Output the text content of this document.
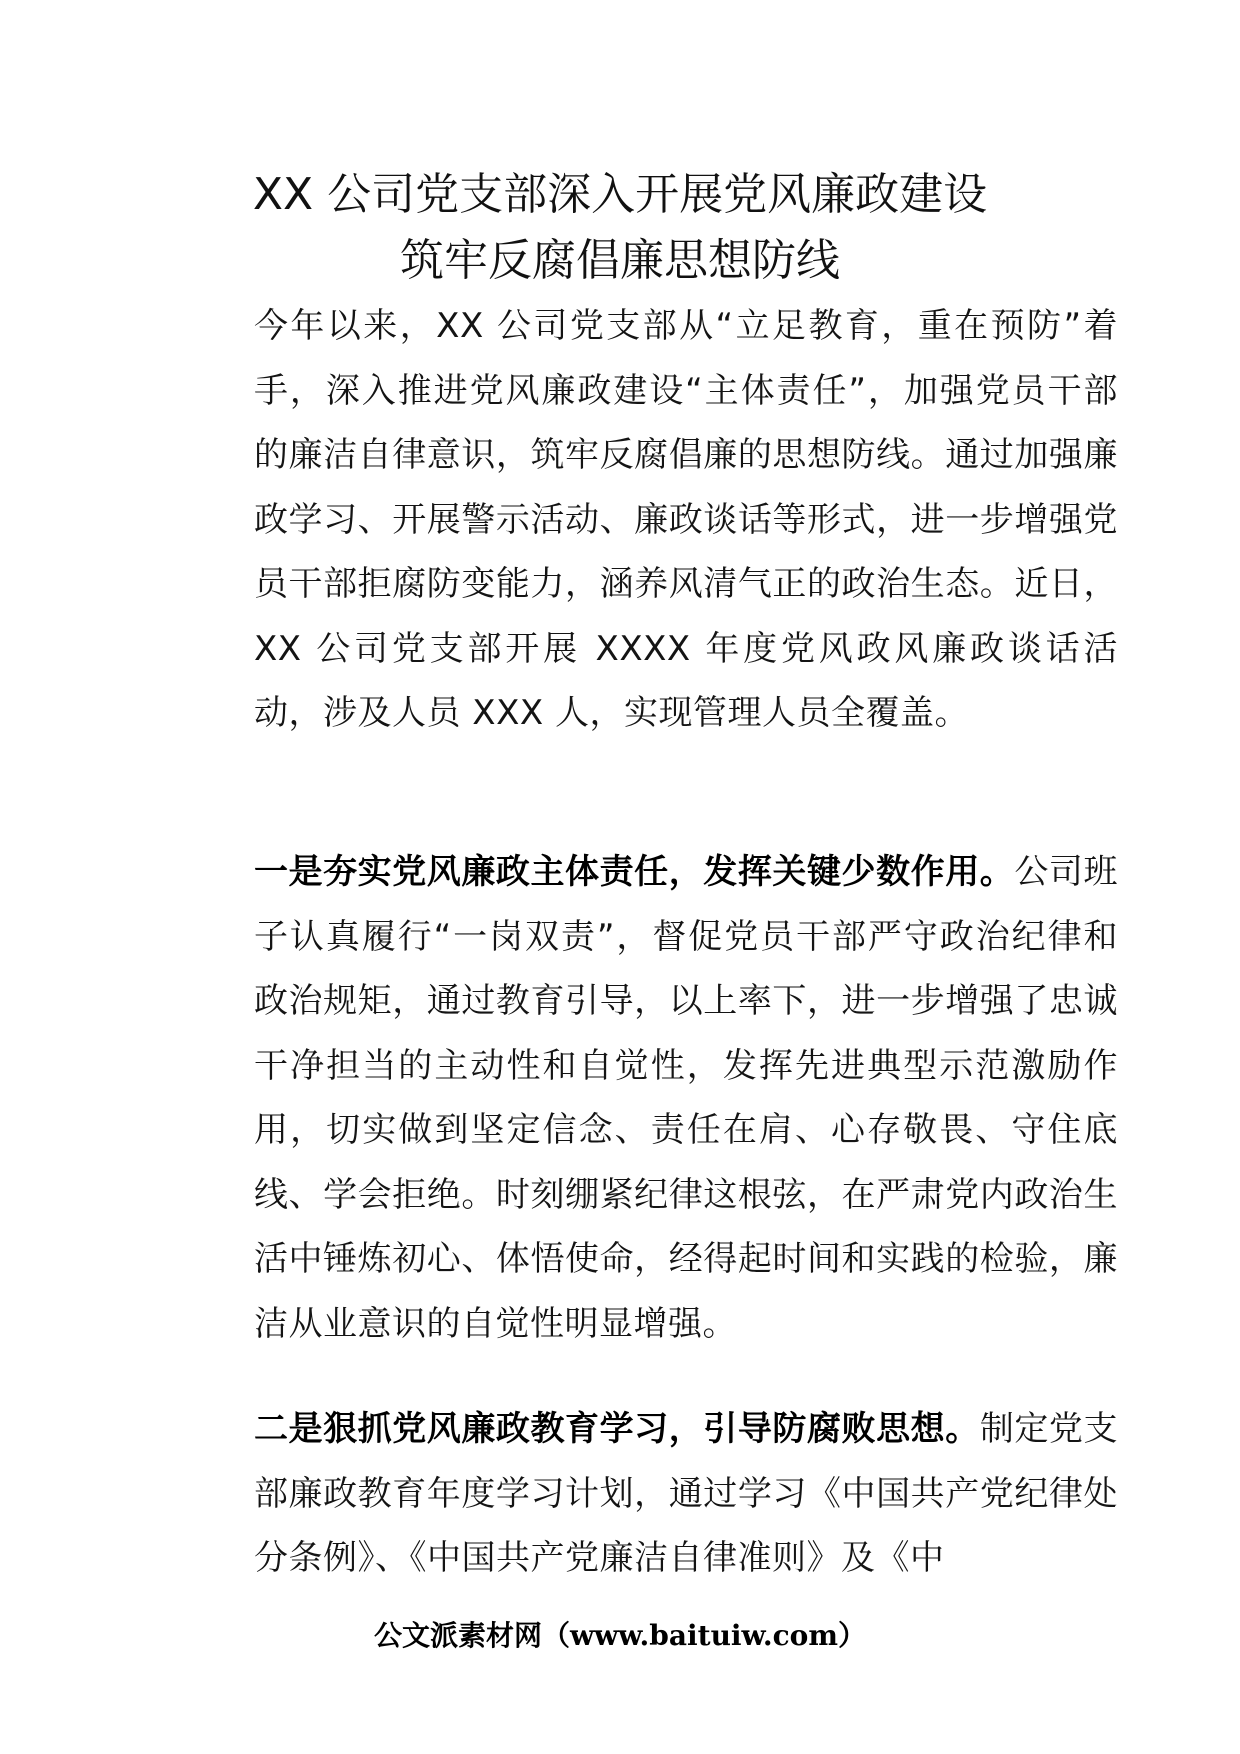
XX 公司党支部深入开展党风廉政建设
筑牢反腐倡廉思想防线

今年以来，XX 公司党支部从“立足教育，重在预防”着手，深入推进党风廉政建设“主体责任”，加强党员干部的廉洁自律意识，筑牢反腐倡廉的思想防线。通过加强廉政学习、开展警示活动、廉政谈话等形式，进一步增强党员干部拒腐防变能力，涵养风清气正的政治生态。近日，XX 公司党支部开展 XXXX 年度党风政风廉政谈话活动，涉及人员 XXX 人，实现管理人员全覆盖。

一是夯实党风廉政主体责任，发挥关键少数作用。公司班子认真履行“一岗双责”，督促党员干部严守政治纪律和政治规矩，通过教育引导，以上率下，进一步增强了忠诚干净担当的主动性和自觉性，发挥先进典型示范激励作用，切实做到坚定信念、责任在肩、心存敬畏、守住底线、学会拒绝。时刻绷紧纪律这根弦，在严肃党内政治生活中锤炼初心、体悟使命，经得起时间和实践的检验，廉洁从业意识的自觉性明显增强。

二是狠抓党风廉政教育学习，引导防腐败思想。制定党支部廉政教育年度学习计划，通过学习《中国共产党纪律处分条例》、《中国共产党廉洁自律准则》及《中

公文派素材网（www.baituiw.com）
